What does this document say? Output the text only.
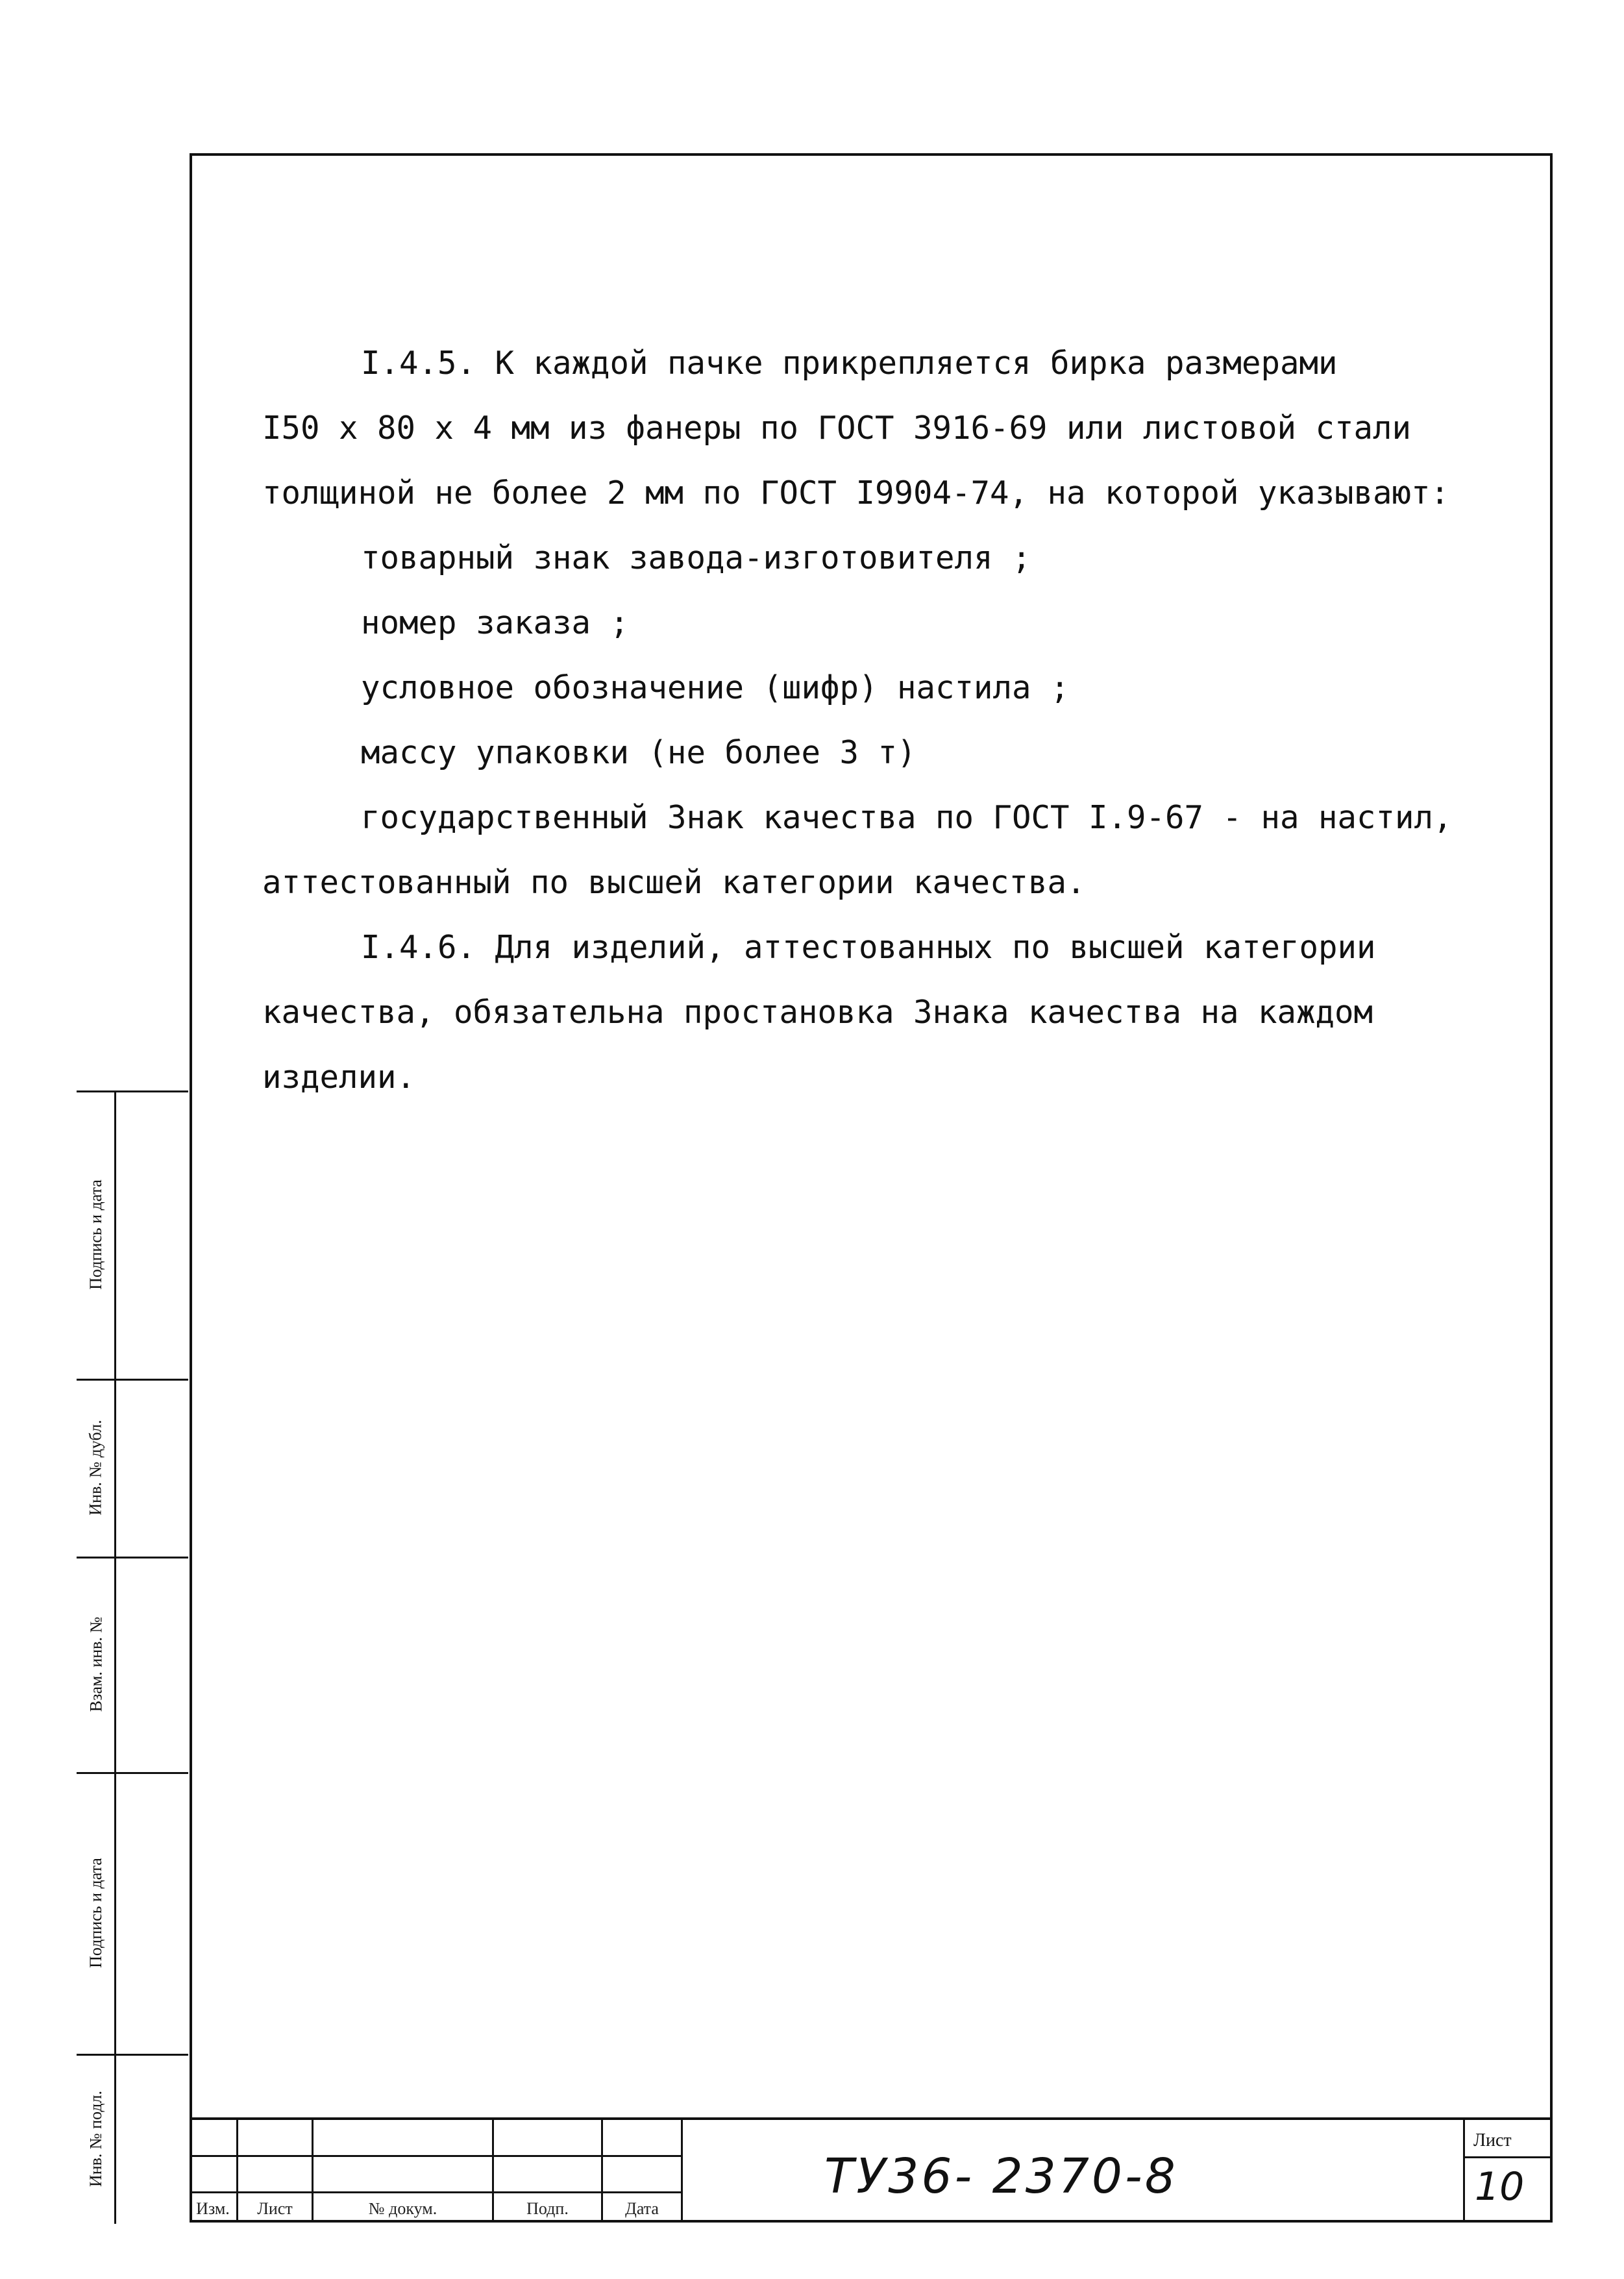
I.4.5. К каждой пачке прикрепляется бирка размерами
I50 х 80 х 4 мм из фанеры по ГОСТ 3916-69 или листовой стали
толщиной не более 2 мм по ГОСТ I9904-74, на которой указывают:
товарный знак завода-изготовителя ;
номер заказа ;
условное обозначение (шифр) настила ;
массу упаковки (не более 3 т)
государственный Знак качества по ГОСТ I.9-67 - на настил,
аттестованный по высшей категории качества.
I.4.6. Для изделий, аттестованных по высшей категории
качества, обязательна простановка Знака качества на каждом
изделии.
Подпись и дата
Инв. № дубл.
Взам. инв. №
Подпись и дата
Инв. № подл.
Изм.	Лист	№ докум.	Подп.	Дата
ТУ36- 2370-8
Лист
10
